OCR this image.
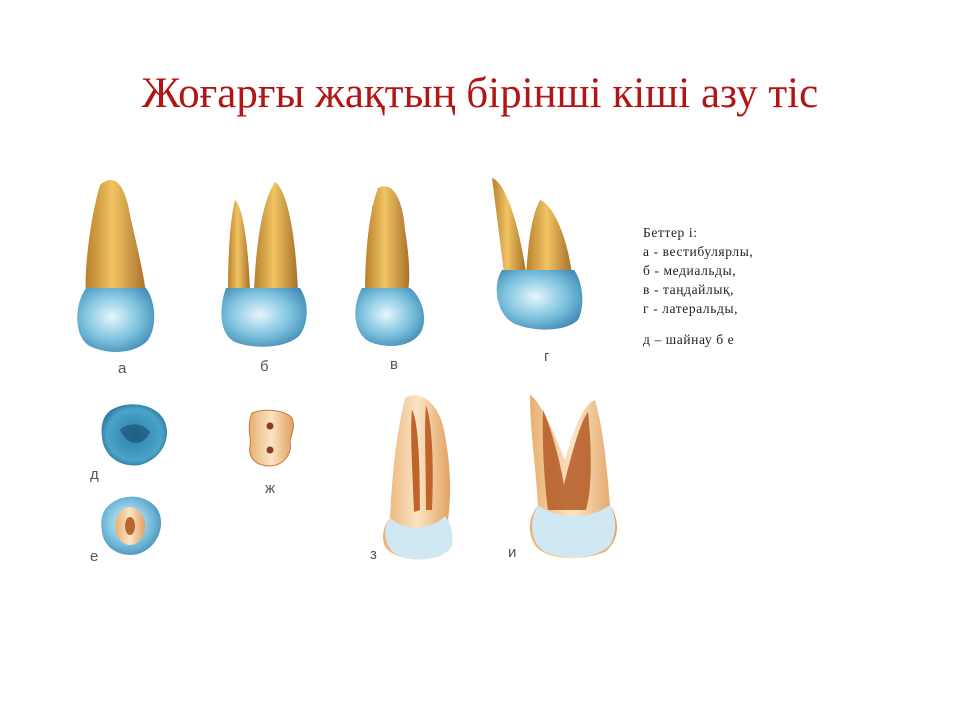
Жоғарғы жақтың бірінші кіші азу тіс
а	б	в	г
д
ж
е	з	и
Беттер і:
а - вестибулярлы,
б - медиальды,
в - таңдайлық,
г - латеральды,
д – шайнау б е
